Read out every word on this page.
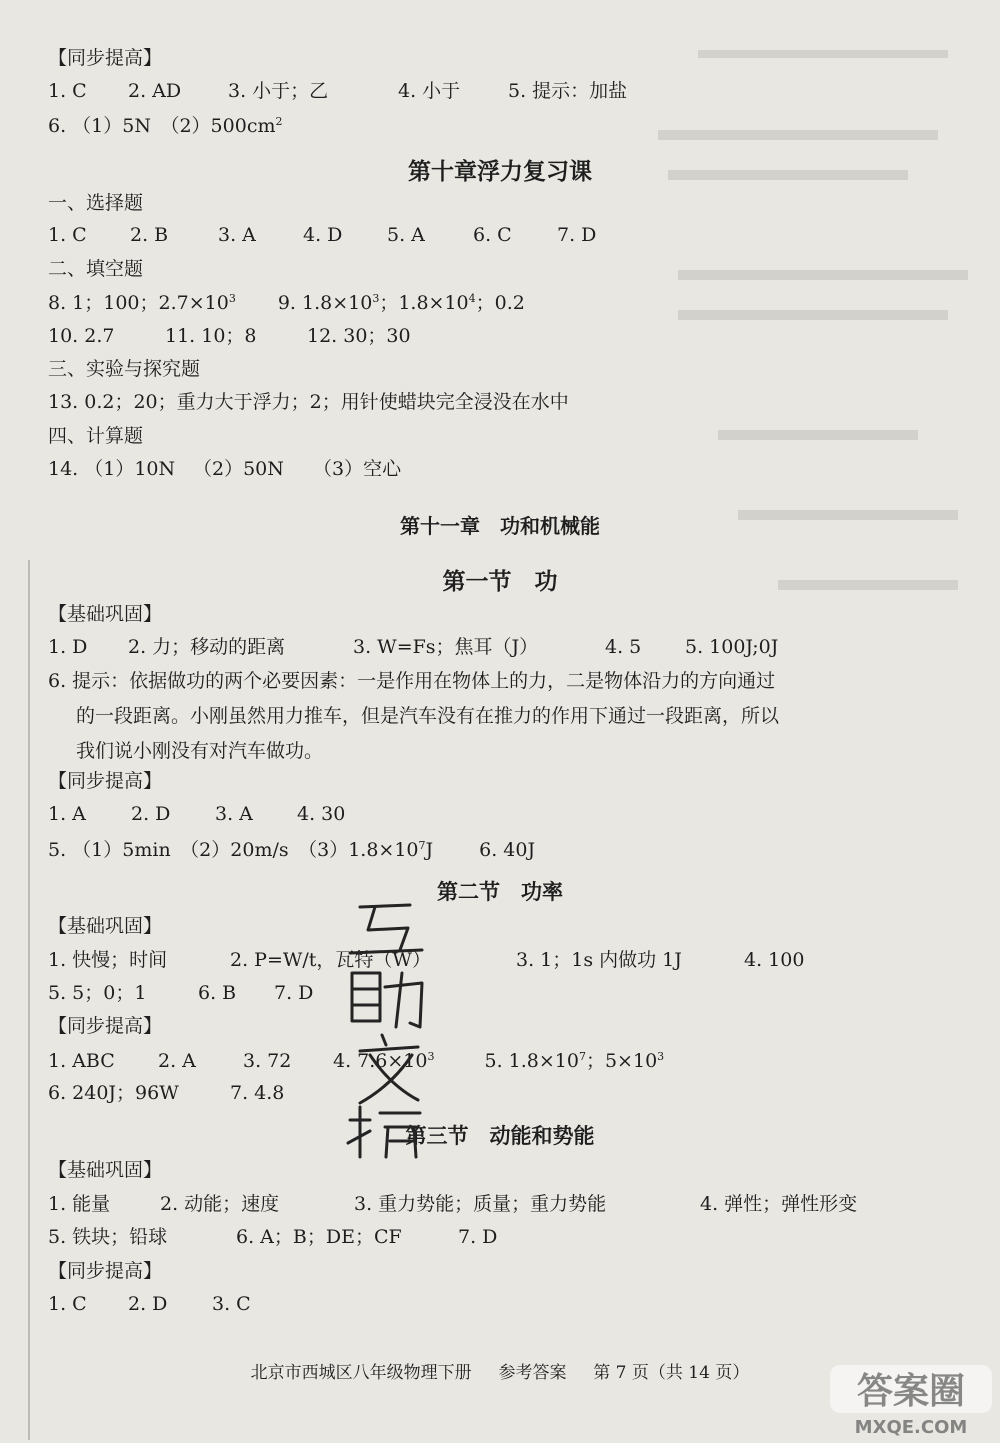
【同步提高】
1. C 2. AD 3. 小于；乙	4. 小于	5. 提示：加盐
6. （1）5N　$(2)500cm^2$
第十章浮力复习课
一、选择题
1. C 2. B	3. A 4. D 5. A	6. C 7. D
二、填空题
8. 1；100；$2.7\times 10^3$ 9. $1.8\times 10^3$；$1.8\times 10^4$；0.2
10. 2.7	11. 10；8	12. 30；30
三、实验与探究题
13. 0.2；20；重力大于浮力；2；用针使蜡块完全浸没在水中
四、计算题
14. （1）10N （2）50N （3）空心
第十一章　功和机械能
第一节　功
【基础巩固】
1. D 2. 力；移动的距离	3. W=Fs；焦耳（J）	4. 5 5. 100J;0J
6. 提示：依据做功的两个必要因素：一是作用在物体上的力，二是物体沿力的方向通过

的一段距离。小刚虽然用力推车，但是汽车没有在推力的作用下通过一段距离，所以
我们说小刚没有对汽车做功。
【同步提高】
1. A 2. D 3. A 4. 30
5. （1）5min　（2）20m/s　$(3)1.8\times 10^7J$ 6. 40J
第二节　功率
【基础巩固】
1. 快慢；时间	2. P=W/t，瓦特（W）	3. 1；1s 内做功 1J	4. 100
5. 5；0；1	6. B 7. D
【同步提高】
1. ABC 2. A 3. 72 4. $7.6\times 10^3$	5. $1.8\times 10^7$；$5\times 10^3$
6. 240J；96W	7. 4.8
第三节　动能和势能
【基础巩固】
1. 能量	2. 动能；速度	3. 重力势能；质量；重力势能	4. 弹性；弹性形变
5. 铁块；铅球	6. A；B；DE；CF	7. D
【同步提高】
1. C 2. D 3. C
北京市西城区八年级物理下册 参考答案 第 7 页（共 14 页）	答案圈
MXQE.COM
